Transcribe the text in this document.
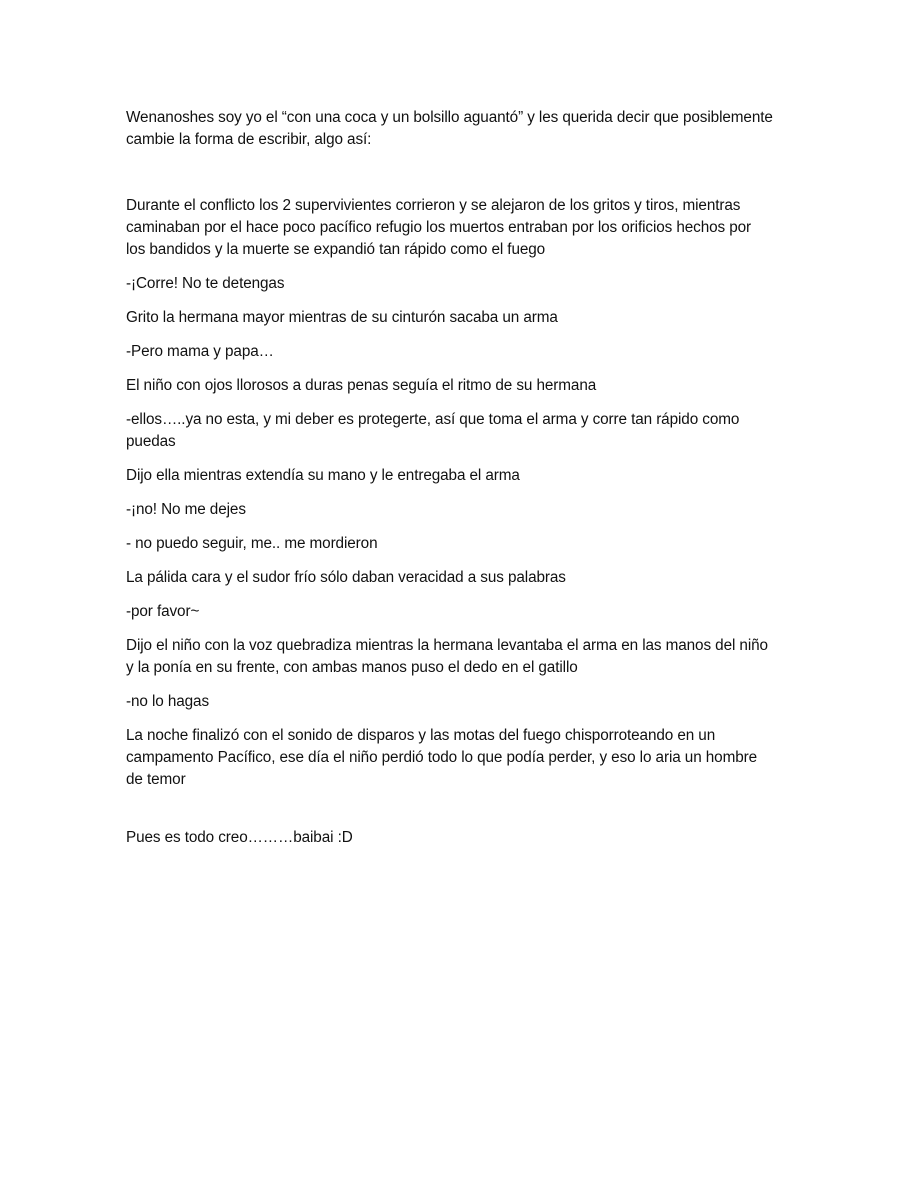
Wenanoshes soy yo el “con una coca y un bolsillo aguantó” y les querida decir que posiblemente cambie la forma de escribir, algo así:

Durante el conflicto los 2 supervivientes corrieron y se alejaron de los gritos y tiros, mientras caminaban por el hace poco pacífico refugio los muertos entraban por los orificios hechos por los bandidos y la muerte se expandió tan rápido como el fuego

-¡Corre! No te detengas

Grito la hermana mayor mientras de su cinturón sacaba un arma

-Pero mama y papa…

El niño con ojos llorosos a duras penas seguía el ritmo de su hermana

-ellos…..ya no esta, y mi deber es protegerte, así que toma el arma y corre tan rápido como puedas

Dijo ella mientras extendía su mano y le entregaba el arma

-¡no! No me dejes

- no puedo seguir, me.. me mordieron

La pálida cara y el sudor frío sólo daban veracidad a sus palabras

-por favor~

Dijo el niño con la voz quebradiza mientras la hermana levantaba el arma en las manos del niño y la ponía en su frente, con ambas manos puso el dedo en el gatillo

-no lo hagas

La noche finalizó con el sonido de disparos y las motas del fuego chisporroteando en un campamento Pacífico, ese día el niño perdió todo lo que podía perder, y eso lo aria un hombre de temor

Pues es todo creo………baibai :D
